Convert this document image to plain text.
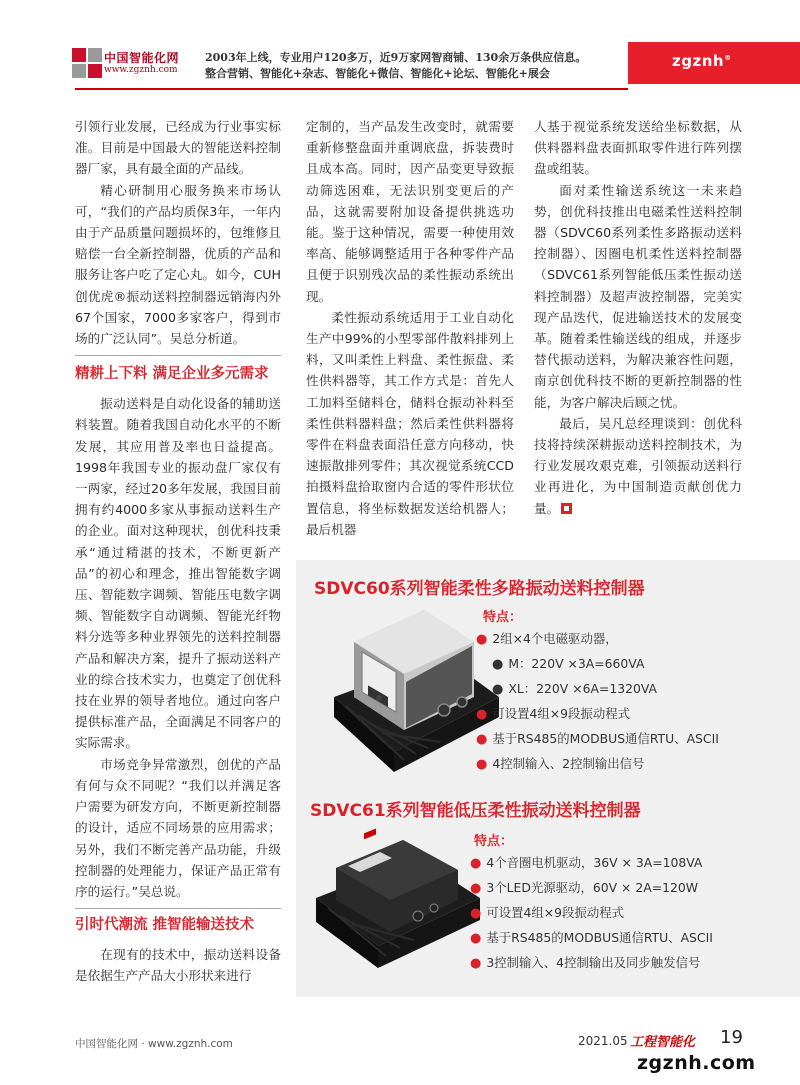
中国智能化网
www.zgznh.com
2003年上线，专业用户120多万，近9万家网智商铺、130余万条供应信息。
整合营销、智能化+杂志、智能化+微信、智能化+论坛、智能化+展会
zgznh®

引领行业发展，已经成为行业事实标准。目前是中国最大的智能送料控制器厂家，具有最全面的产品线。

精心研制用心服务换来市场认可，“我们的产品均质保3年，一年内由于产品质量问题损坏的，包维修且赔偿一台全新控制器，优质的产品和服务让客户吃了定心丸。如今，CUH创优虎®振动送料控制器远销海内外67个国家，7000多家客户，得到市场的广泛认同”。吴总分析道。

精耕上下料 满足企业多元需求

振动送料是自动化设备的辅助送料装置。随着我国自动化水平的不断发展，其应用普及率也日益提高。1998年我国专业的振动盘厂家仅有一两家，经过20多年发展，我国目前拥有约4000多家从事振动送料生产的企业。面对这种现状，创优科技秉承“通过精湛的技术，不断更新产品”的初心和理念，推出智能数字调压、智能数字调频、智能压电数字调频、智能数字自动调频、智能光纤物料分选等多种业界领先的送料控制器产品和解决方案，提升了振动送料产业的综合技术实力，也奠定了创优科技在业界的领导者地位。通过向客户提供标准产品，全面满足不同客户的实际需求。

市场竞争异常激烈，创优的产品有何与众不同呢？“我们以并满足客户需要为研发方向，不断更新控制器的设计，适应不同场景的应用需求；另外，我们不断完善产品功能，升级控制器的处理能力，保证产品正常有序的运行。”吴总说。

引时代潮流 推智能输送技术

在现有的技术中，振动送料设备是依据生产产品大小形状来进行

定制的，当产品发生改变时，就需要重新修整盘面并重调底盘，拆装费时且成本高。同时，因产品变更导致振动筛选困难，无法识别变更后的产品，这就需要附加设备提供挑选功能。鉴于这种情况，需要一种使用效率高、能够调整适用于各种零件产品且便于识别残次品的柔性振动系统出现。

柔性振动系统适用于工业自动化生产中99%的小型零部件散料排列上料，又叫柔性上料盘、柔性振盘、柔性供料器等，其工作方式是：首先人工加料至储料仓，储料仓振动补料至柔性供料器料盘；然后柔性供料器将零件在料盘表面沿任意方向移动，快速振散排列零件；其次视觉系统CCD拍摄料盘拾取窗内合适的零件形状位置信息，将坐标数据发送给机器人；最后机器

人基于视觉系统发送给坐标数据，从供料器料盘表面抓取零件进行阵列摆盘或组装。

面对柔性输送系统这一未来趋势，创优科技推出电磁柔性送料控制器（SDVC60系列柔性多路振动送料控制器）、因圈电机柔性送料控制器（SDVC61系列智能低压柔性振动送料控制器）及超声波控制器，完美实现产品迭代，促进输送技术的发展变革。随着柔性输送线的组成，并逐步替代振动送料，为解决兼容性问题，南京创优科技不断的更新控制器的性能，为客户解决后顾之忧。

最后，吴凡总经理谈到：创优科技将持续深耕振动送料控制技术，为行业发展攻艰克难，引领振动送料行业再进化，为中国制造贡献创优力量。

SDVC60系列智能柔性多路振动送料控制器
特点：
● 2组×4个电磁驱动器，
● M：220V ×3A=660VA
● XL：220V ×6A=1320VA
● 可设置4组×9段振动程式
● 基于RS485的MODBUS通信RTU、ASCII
● 4控制输入、2控制输出信号
SDVC61系列智能低压柔性振动送料控制器
特点：
● 4个音圈电机驱动，36V × 3A=108VA
● 3个LED光源驱动，60V × 2A=120W
● 可设置4组×9段振动程式
● 基于RS485的MODBUS通信RTU、ASCII
● 3控制输入、4控制输出及同步触发信号
中国智能化网 · www.zgznh.com	2021.05 工程智能化 19
zgznh.com
